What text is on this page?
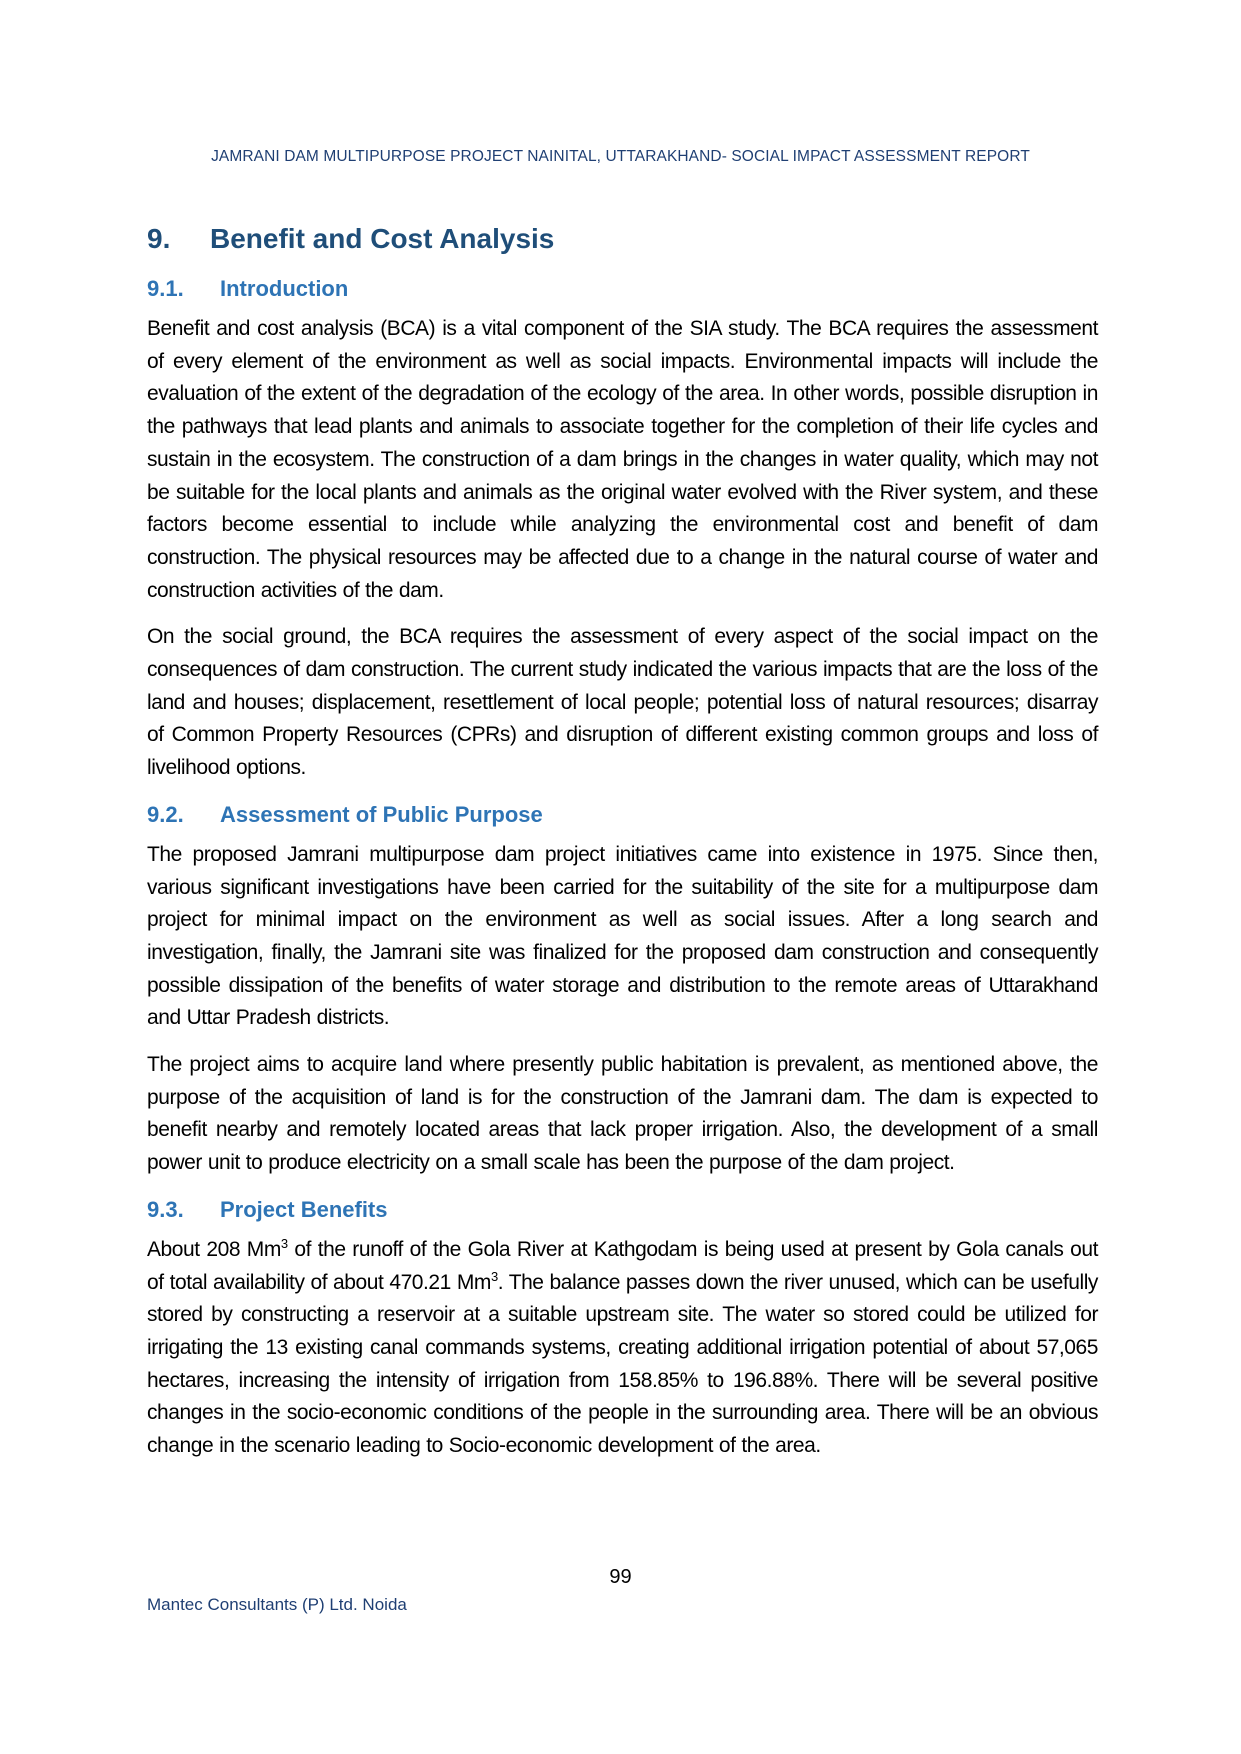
JAMRANI DAM MULTIPURPOSE PROJECT NAINITAL, UTTARAKHAND- SOCIAL IMPACT ASSESSMENT REPORT
9. Benefit and Cost Analysis
9.1. Introduction

Benefit and cost analysis (BCA) is a vital component of the SIA study. The BCA requires the assessment of every element of the environment as well as social impacts. Environmental impacts will include the evaluation of the extent of the degradation of the ecology of the area. In other words, possible disruption in the pathways that lead plants and animals to associate together for the completion of their life cycles and sustain in the ecosystem. The construction of a dam brings in the changes in water quality, which may not be suitable for the local plants and animals as the original water evolved with the River system, and these factors become essential to include while analyzing the environmental cost and benefit of dam construction. The physical resources may be affected due to a change in the natural course of water and construction activities of the dam.

On the social ground, the BCA requires the assessment of every aspect of the social impact on the consequences of dam construction. The current study indicated the various impacts that are the loss of the land and houses; displacement, resettlement of local people; potential loss of natural resources; disarray of Common Property Resources (CPRs) and disruption of different existing common groups and loss of livelihood options.

9.2. Assessment of Public Purpose

The proposed Jamrani multipurpose dam project initiatives came into existence in 1975. Since then, various significant investigations have been carried for the suitability of the site for a multipurpose dam project for minimal impact on the environment as well as social issues. After a long search and investigation, finally, the Jamrani site was finalized for the proposed dam construction and consequently possible dissipation of the benefits of water storage and distribution to the remote areas of Uttarakhand and Uttar Pradesh districts.

The project aims to acquire land where presently public habitation is prevalent, as mentioned above, the purpose of the acquisition of land is for the construction of the Jamrani dam. The dam is expected to benefit nearby and remotely located areas that lack proper irrigation. Also, the development of a small power unit to produce electricity on a small scale has been the purpose of the dam project.

9.3. Project Benefits

About 208 Mm$^3$ of the runoff of the Gola River at Kathgodam is being used at present by Gola canals out of total availability of about 470.21 Mm$^3$. The balance passes down the river unused, which can be usefully stored by constructing a reservoir at a suitable upstream site. The water so stored could be utilized for irrigating the 13 existing canal commands systems, creating additional irrigation potential of about 57,065 hectares, increasing the intensity of irrigation from 158.85% to 196.88%. There will be several positive changes in the socio-economic conditions of the people in the surrounding area. There will be an obvious change in the scenario leading to Socio-economic development of the area.

99
Mantec Consultants (P) Ltd. Noida
